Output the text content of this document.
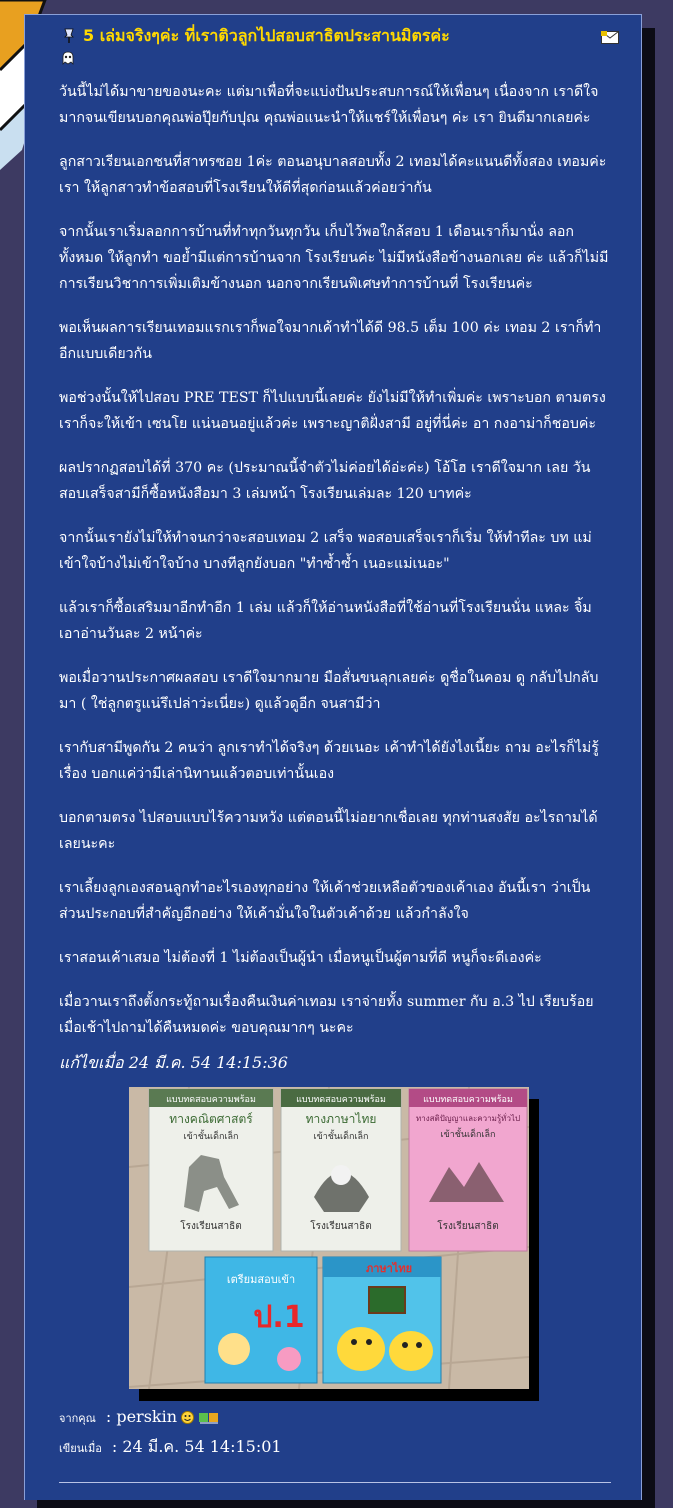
5 เล่มจริงๆค่ะ ที่เราติวลูกไปสอบสาธิตประสานมิตรค่ะ

วันนี้ไม่ได้มาขายของนะคะ แต่มาเพื่อที่จะแบ่งปันประสบการณ์ให้เพื่อนๆ เนื่องจาก เราดีใจมากจนเขียนบอกคุณพ่อปุ๊ยกับปุณ คุณพ่อแนะนำให้แชร์ให้เพื่อนๆ ค่ะ เรา ยินดีมากเลยค่ะ

ลูกสาวเรียนเอกชนที่สาทรซอย 1ค่ะ ตอนอนุบาลสอบทั้ง 2 เทอมได้คะแนนดีทั้งสอง เทอมค่ะ เรา ให้ลูกสาวทำข้อสอบที่โรงเรียนให้ดีที่สุดก่อนแล้วค่อยว่ากัน

จากนั้นเราเริ่มลอกการบ้านที่ทำทุกวันทุกวัน เก็บไว้พอใกล้สอบ 1 เดือนเราก็มานั่ง ลอกทั้งหมด ให้ลูกทำ ขอย้ำมีแต่การบ้านจาก โรงเรียนค่ะ ไม่มีหนังสือข้างนอกเลย ค่ะ แล้วก็ไม่มีการเรียนวิชาการเพิ่มเติมข้างนอก นอกจากเรียนพิเศษทำการบ้านที่ โรงเรียนค่ะ

พอเห็นผลการเรียนเทอมแรกเราก็พอใจมากเค้าทำได้ดี 98.5 เต็ม 100 ค่ะ เทอม 2 เราก็ทำอีกแบบเดียวกัน

พอช่วงนั้นให้ไปสอบ PRE TEST ก็ไปแบบนี้เลยค่ะ ยังไม่มีให้ทำเพิ่มค่ะ เพราะบอก ตามตรงเราก็จะให้เข้า เซนโย แน่นอนอยู่แล้วค่ะ เพราะญาติฝั่งสามี อยู่ที่นี่ค่ะ อา กงอาม่าก็ชอบค่ะ

ผลปรากฏสอบได้ที่ 370 คะ (ประมาณนี้จำตัวไม่ค่อยได้อ่ะค่ะ) โอ้โฮ เราดีใจมาก เลย วันสอบเสร็จสามีก็ซื้อหนังสือมา 3 เล่มหน้า โรงเรียนเล่มละ 120 บาทค่ะ

จากนั้นเรายังไม่ให้ทำจนกว่าจะสอบเทอม 2 เสร็จ พอสอบเสร็จเราก็เริ่ม ให้ทำทีละ บท แม่เข้าใจบ้างไม่เข้าใจบ้าง บางทีลูกยังบอก "ทำซ้ำซ้ำ เนอะแม่เนอะ"

แล้วเราก็ซื้อเสริมมาอีกทำอีก 1 เล่ม แล้วก็ให้อ่านหนังสือที่ใช้อ่านที่โรงเรียนนั่น แหละ จิ้มเอาอ่านวันละ 2 หน้าค่ะ

พอเมื่อวานประกาศผลสอบ เราดีใจมากมาย มือสั่นขนลุกเลยค่ะ ดูชื่อในคอม ดู กลับไปกลับมา ( ใช่ลูกตรูแน่รึเปล่าว่ะเนี่ยะ) ดูแล้วดูอีก จนสามีว่า

เรากับสามีพูดกัน 2 คนว่า ลูกเราทำได้จริงๆ ด้วยเนอะ เค้าทำได้ยังไงเนี้ยะ ถาม อะไรก็ไม่รู้เรื่อง บอกแค่ว่ามีเล่านิทานแล้วตอบเท่านั้นเอง

บอกตามตรง ไปสอบแบบไร้ความหวัง แต่ตอนนี้ไม่อยากเชื่อเลย ทุกท่านสงสัย อะไรถามได้เลยนะคะ

เราเลี้ยงลูกเองสอนลูกทำอะไรเองทุกอย่าง ให้เค้าช่วยเหลือตัวของเค้าเอง อันนี้เรา ว่าเป็นส่วนประกอบที่สำคัญอีกอย่าง ให้เค้ามั่นใจในตัวเค้าด้วย แล้วกำลังใจ

เราสอนเค้าเสมอ ไม่ต้องที่ 1 ไม่ต้องเป็นผู้นำ เมื่อหนูเป็นผู้ตามที่ดี หนูก็จะดีเองค่ะ

เมื่อวานเราถึงตั้งกระทู้ถามเรื่องคืนเงินค่าเทอม เราจ่ายทั้ง summer กับ อ.3 ไป เรียบร้อย เมื่อเช้าไปถามได้คืนหมดค่ะ ขอบคุณมากๆ นะคะ

แก้ไขเมื่อ 24 มี.ค. 54 14:15:36
แบบทดสอบความพร้อม
ทางคณิตศาสตร์
เข้าชั้นเด็กเล็ก
โรงเรียนสาธิต
แบบทดสอบความพร้อม
ทางภาษาไทย
เข้าชั้นเด็กเล็ก
โรงเรียนสาธิต
แบบทดสอบความพร้อม
ทางสติปัญญาและความรู้ทั่วไป
เข้าชั้นเด็กเล็ก
โรงเรียนสาธิต
เตรียมสอบเข้า
ป.1
ภาษาไทย
จากคุณ : perskin
เขียนเมื่อ : 24 มี.ค. 54 14:15:01
